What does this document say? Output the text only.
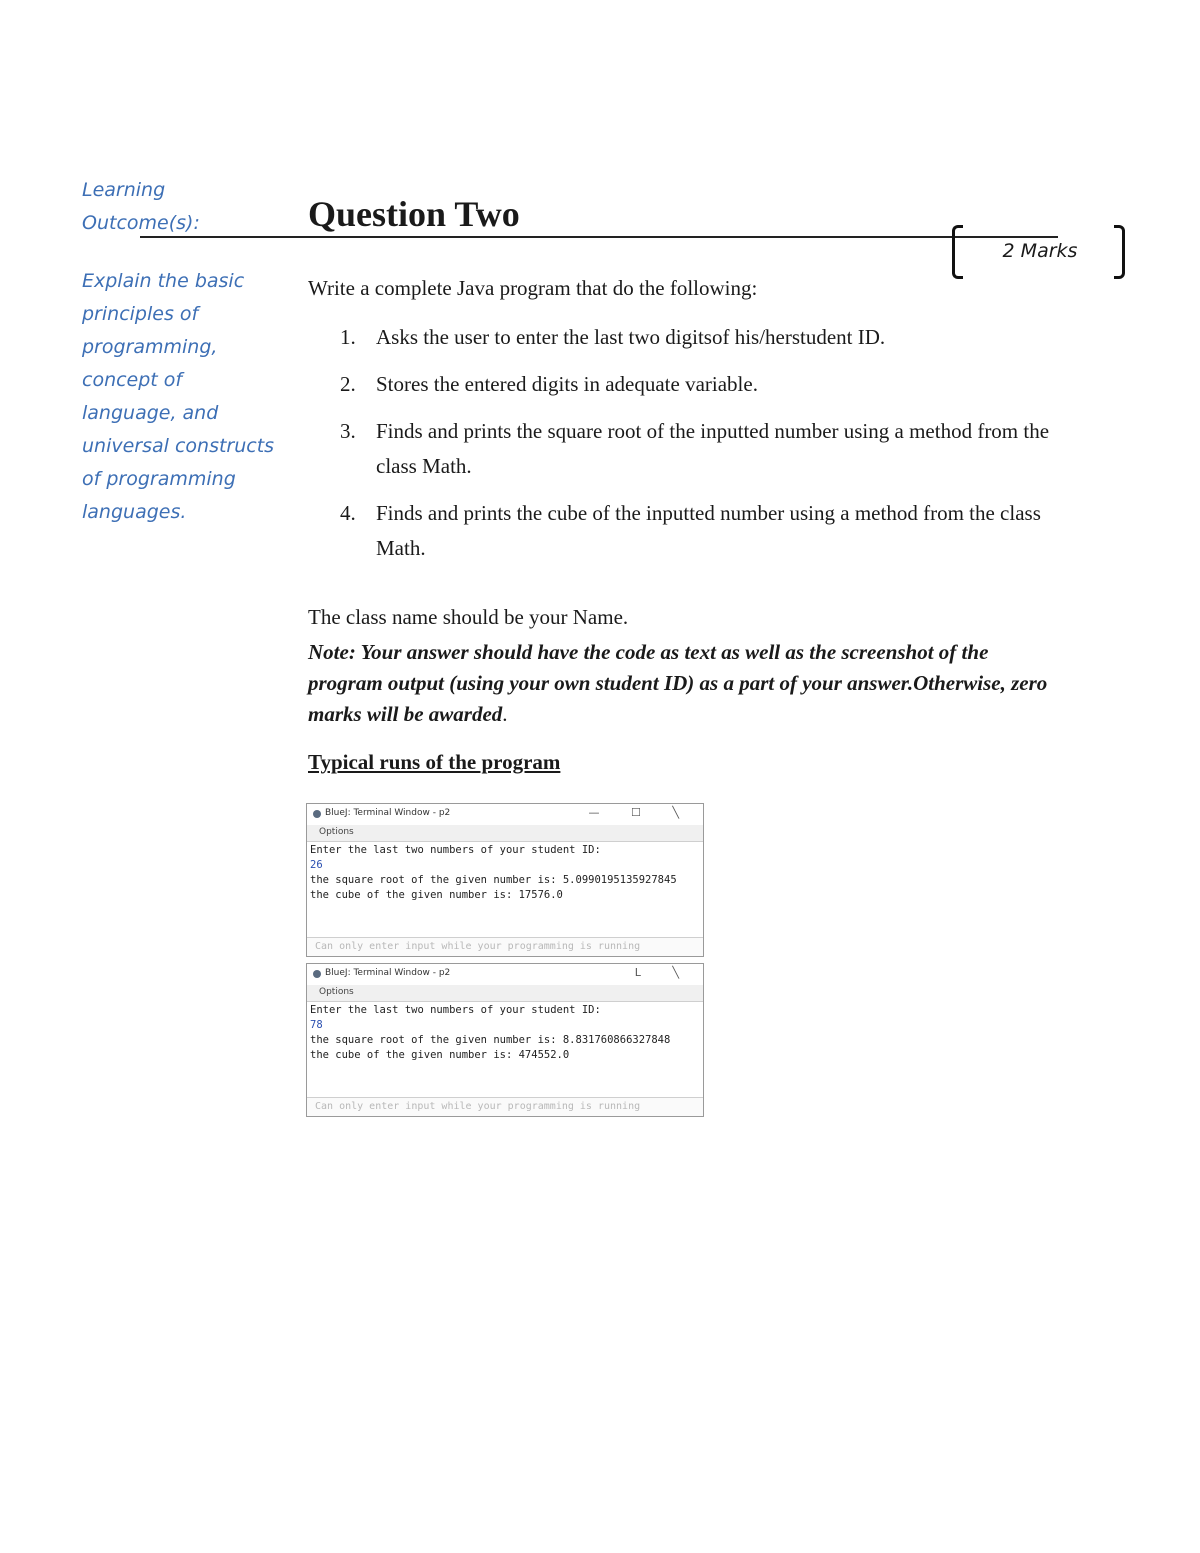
Learning
Outcome(s):
Explain the basic
principles of
programming,
concept of
language, and
universal constructs
of programming
languages.
Question Two
2 Marks
Write a complete Java program that do the following:
1. Asks the user to enter the last two digitsof his/herstudent ID.
2. Stores the entered digits in adequate variable.
3. Finds and prints the square root of the inputted number using a method from the class Math.
4. Finds and prints the cube of the inputted number using a method from the class Math.
The class name should be your Name.
Note: Your answer should have the code as text as well as the screenshot of the program output (using your own student ID) as a part of your answer.Otherwise, zero marks will be awarded.
Typical runs of the program
BlueJ: Terminal Window - p2	— ☐ ╲
Options
Enter the last two numbers of your student ID:
26
the square root of the given number is: 5.0990195135927845
the cube of the given number is: 17576.0
Can only enter input while your programming is running
BlueJ: Terminal Window - p2	L ╲
Options
Enter the last two numbers of your student ID:
78
the square root of the given number is: 8.831760866327848
the cube of the given number is: 474552.0
Can only enter input while your programming is running
